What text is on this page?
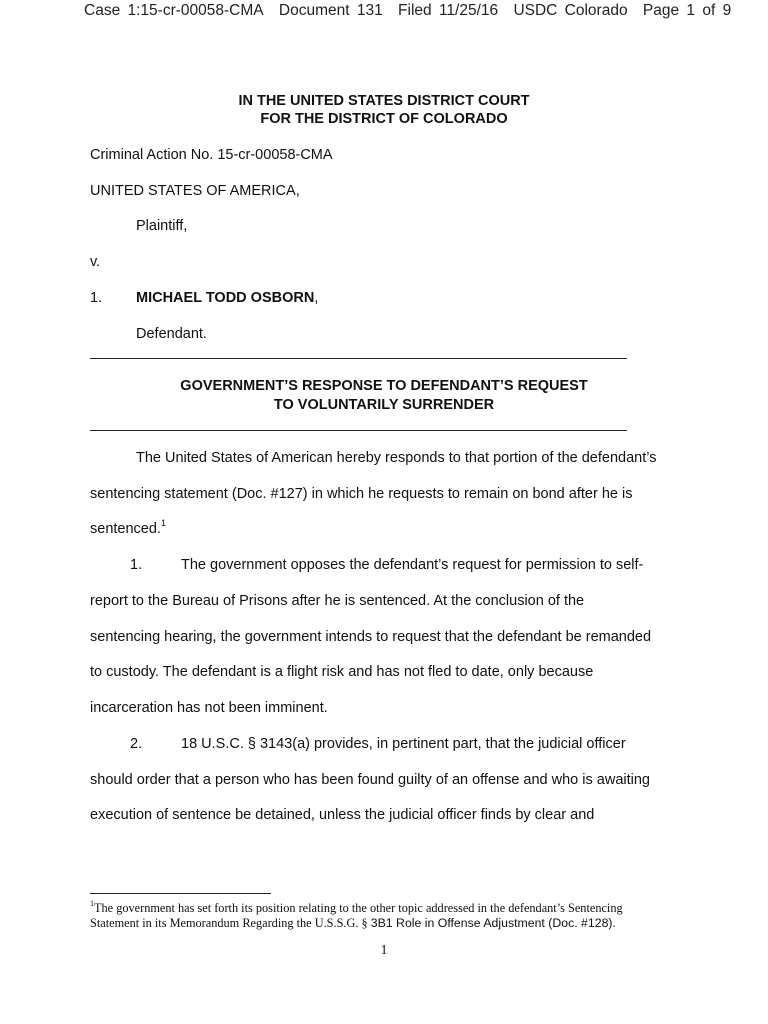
Case 1:15-cr-00058-CMA Document 131 Filed 11/25/16 USDC Colorado Page 1 of 9
IN THE UNITED STATES DISTRICT COURT
FOR THE DISTRICT OF COLORADO
Criminal Action No. 15-cr-00058-CMA
UNITED STATES OF AMERICA,
Plaintiff,
v.
1. MICHAEL TODD OSBORN,
Defendant.
GOVERNMENT’S RESPONSE TO DEFENDANT’S REQUEST
TO VOLUNTARILY SURRENDER
The United States of American hereby responds to that portion of the defendant’s
sentencing statement (Doc. #127) in which he requests to remain on bond after he is
sentenced.$^1$
1.	The government opposes the defendant’s request for permission to self-
report to the Bureau of Prisons after he is sentenced. At the conclusion of the
sentencing hearing, the government intends to request that the defendant be remanded
to custody. The defendant is a flight risk and has not fled to date, only because
incarceration has not been imminent.
2.	18 U.S.C. § 3143(a) provides, in pertinent part, that the judicial officer
should order that a person who has been found guilty of an offense and who is awaiting
execution of sentence be detained, unless the judicial officer finds by clear and
$^1$The government has set forth its position relating to the other topic addressed in the defendant’s Sentencing
Statement in its Memorandum Regarding the U.S.S.G. § 3B1 Role in Offense Adjustment (Doc. #128).
1
